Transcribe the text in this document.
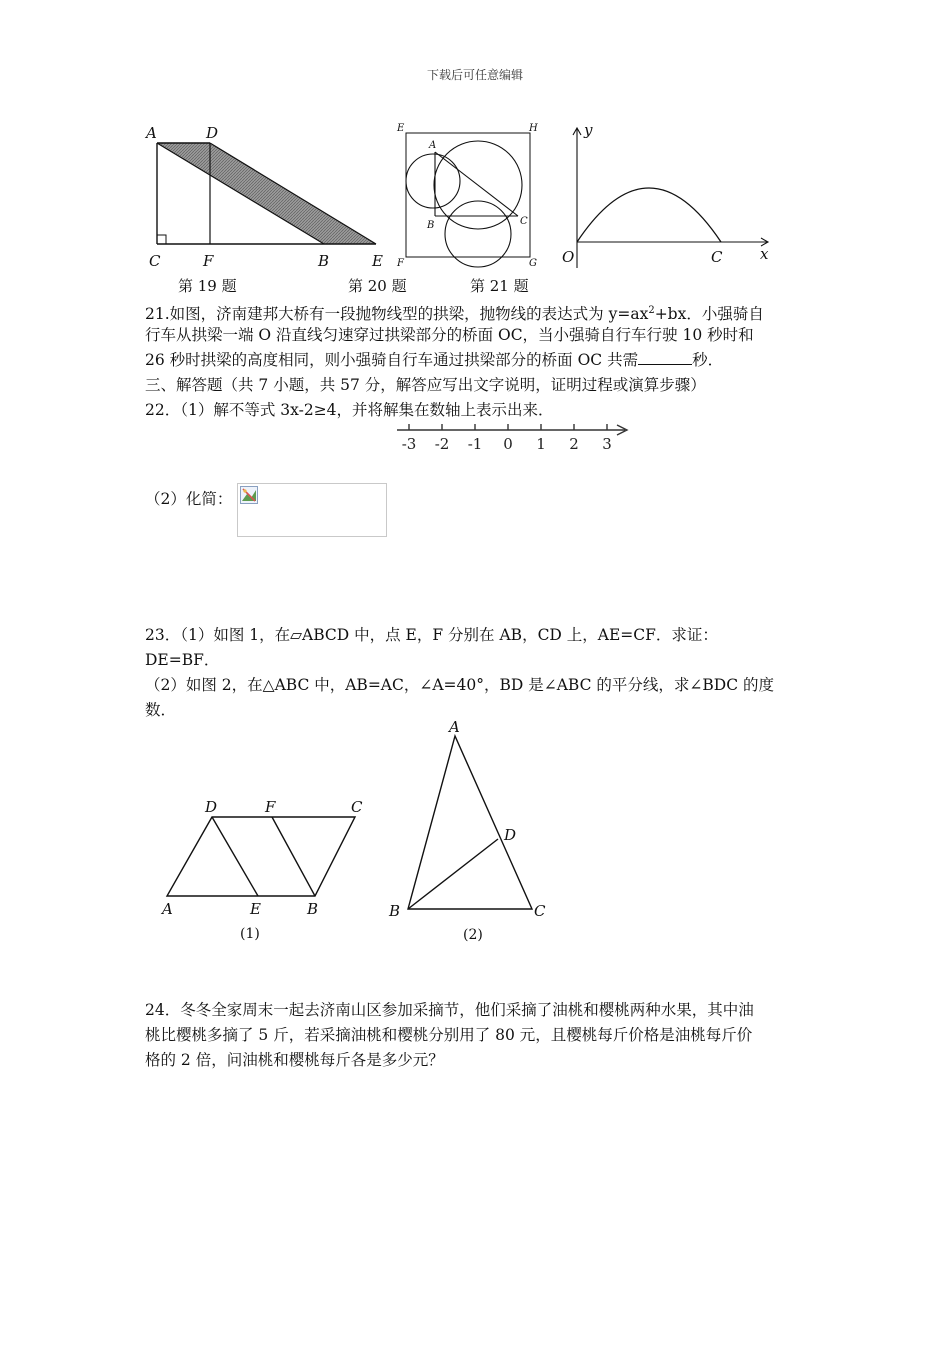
下载后可任意编辑
A	D
C	F	B	E
E	H
A
B	C
F	G
y
O	C	x
第 19 题	第 20 题	第 21 题
21.如图，济南建邦大桥有一段抛物线型的拱梁，抛物线的表达式为 $y=ax^2+bx$．小强骑自
行车从拱梁一端 O 沿直线匀速穿过拱梁部分的桥面 OC，当小强骑自行车行驶 10 秒时和
26 秒时拱梁的高度相同，则小强骑自行车通过拱梁部分的桥面 OC 共需	秒．
三、解答题（共 7 小题，共 57 分，解答应写出文字说明，证明过程或演算步骤）
22．（1）解不等式 3x-2≥4，并将解集在数轴上表示出来．
-3 -2 -1 0 1 2 3
（2）化简：
23．（1）如图 1，在▱ABCD 中，点 E，F 分别在 AB，CD 上，AE=CF．求证：
DE=BF．
（2）如图 2，在△ABC 中，AB=AC，∠A=40°，BD 是∠ABC 的平分线，求∠BDC 的度
数．
D	F	C
A	E	B
(1)
A
D
B	C
(2)
24．冬冬全家周末一起去济南山区参加采摘节，他们采摘了油桃和樱桃两种水果，其中油
桃比樱桃多摘了 5 斤，若采摘油桃和樱桃分别用了 80 元，且樱桃每斤价格是油桃每斤价
格的 2 倍，问油桃和樱桃每斤各是多少元？
